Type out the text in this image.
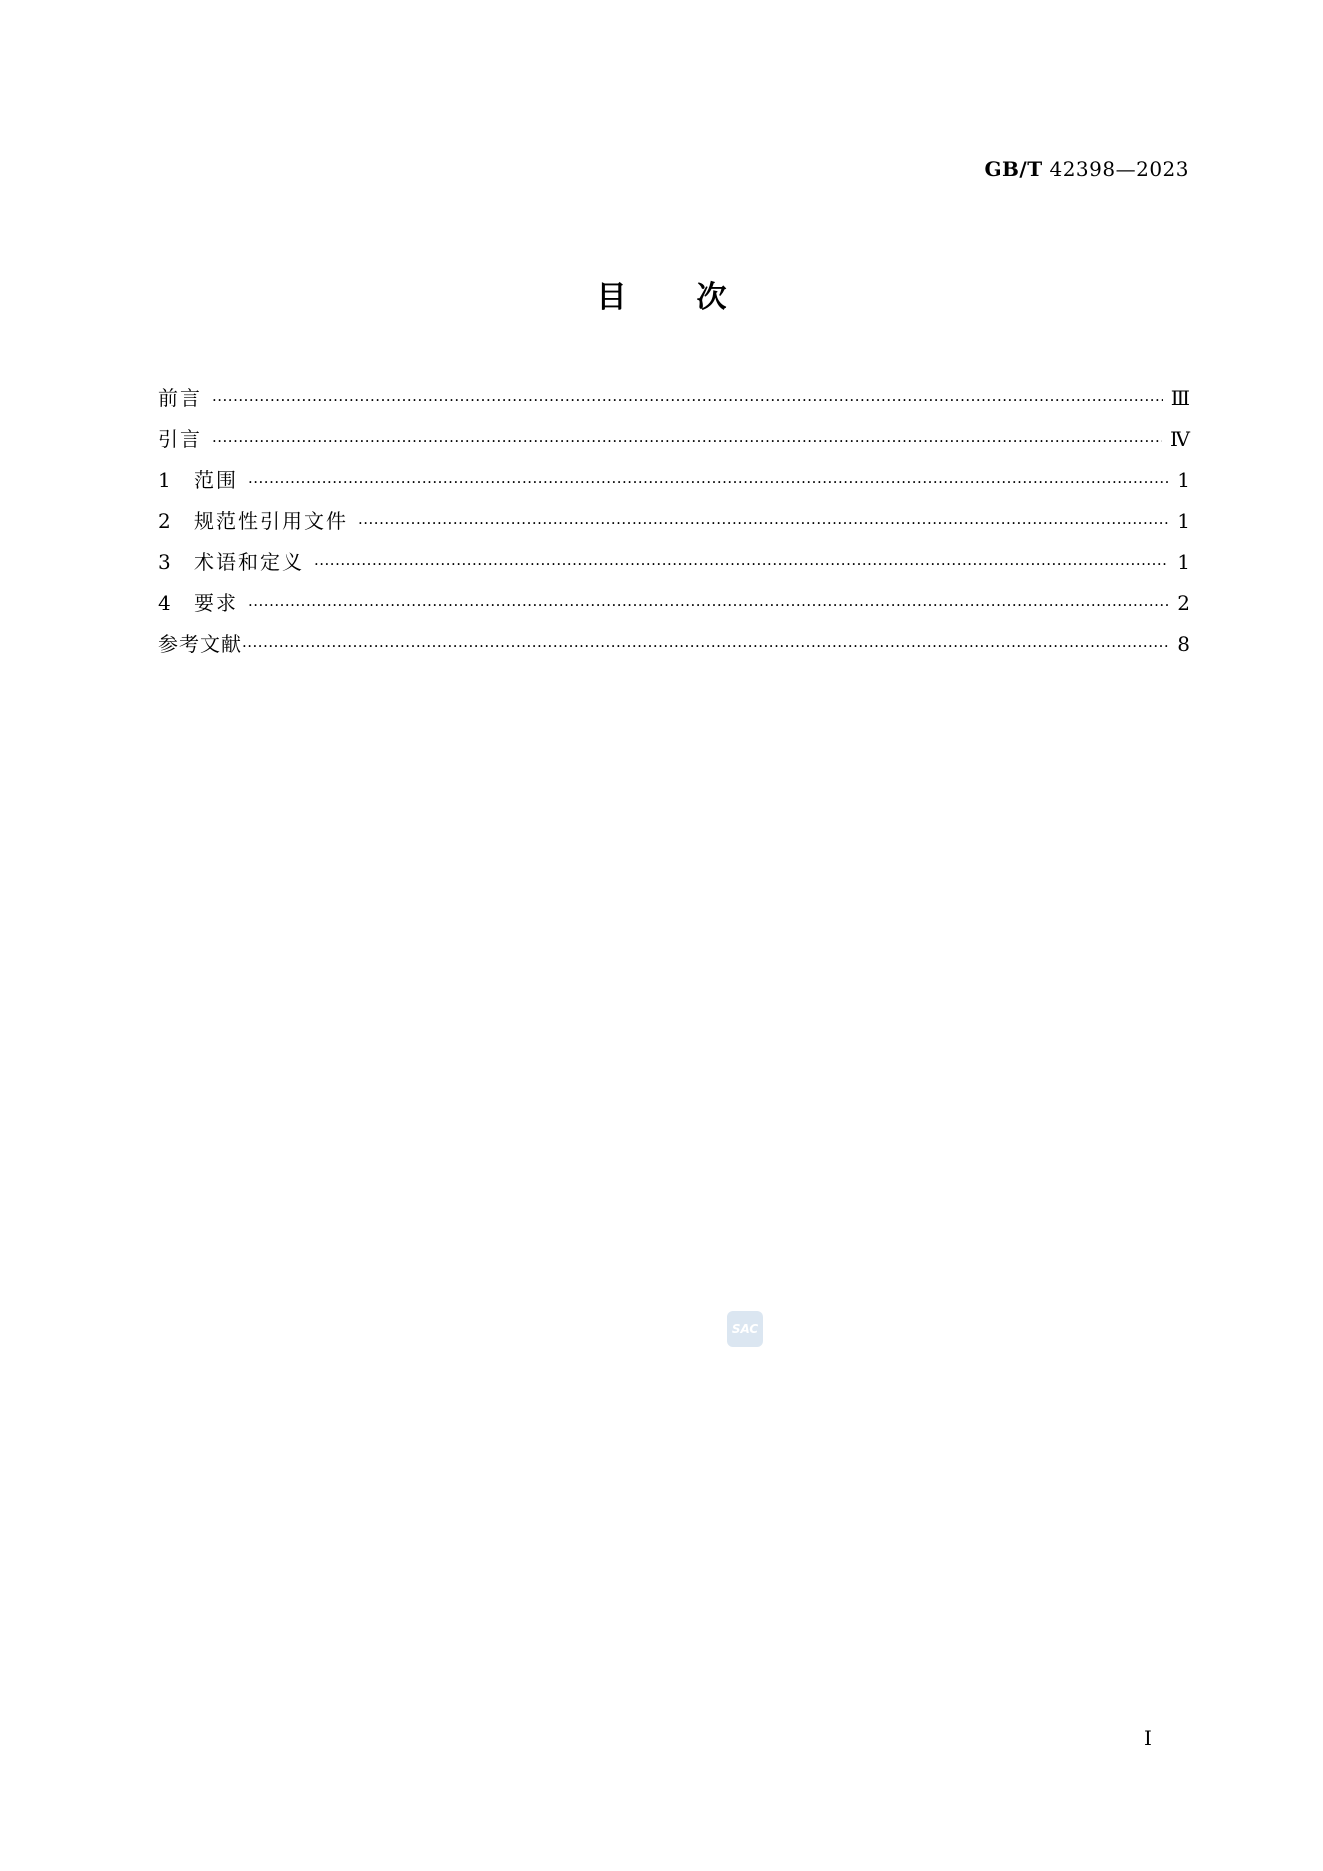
GB/T 42398—2023
目 次
前言 ·····	Ⅲ
引言 ·····	Ⅳ
1	范围 ·····	1
2	规范性引用文件 ·····	1
3	术语和定义 ·····	1
4	要求 ·····	2
参考文献 ·····	8
SAC
Ⅰ
